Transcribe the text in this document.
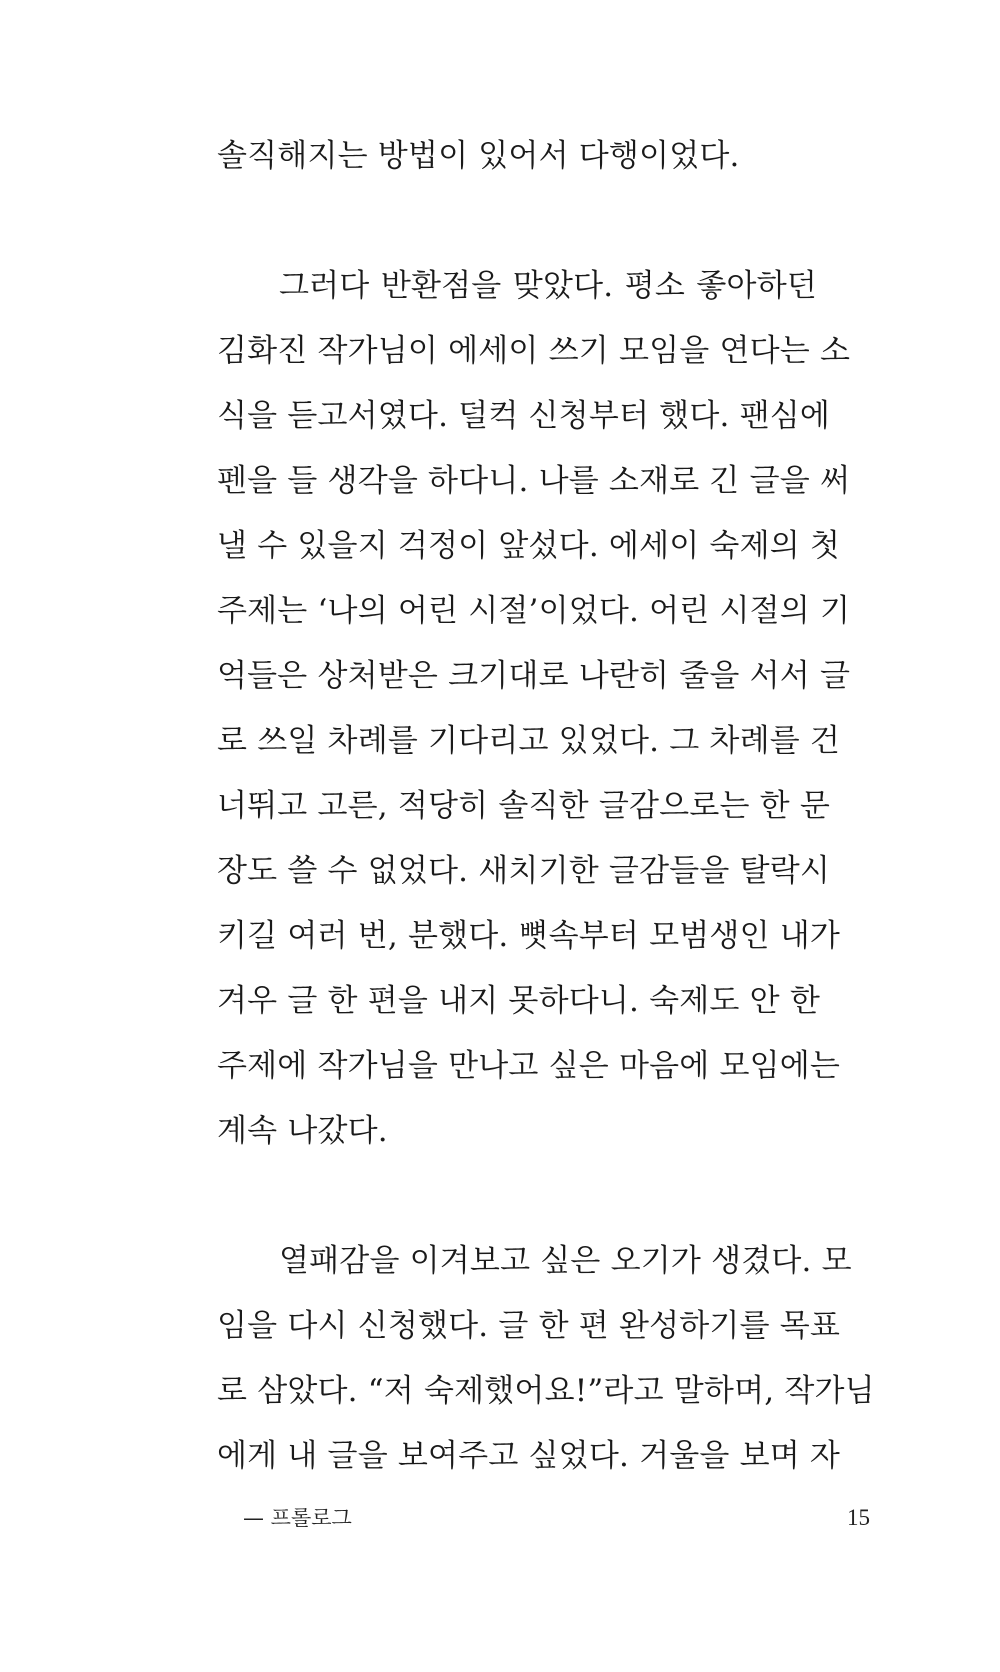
솔직해지는 방법이 있어서 다행이었다.
그러다 반환점을 맞았다. 평소 좋아하던
김화진 작가님이 에세이 쓰기 모임을 연다는 소
식을 듣고서였다. 덜컥 신청부터 했다. 팬심에
펜을 들 생각을 하다니. 나를 소재로 긴 글을 써
낼 수 있을지 걱정이 앞섰다. 에세이 숙제의 첫
주제는 ‘나의 어린 시절’이었다. 어린 시절의 기
억들은 상처받은 크기대로 나란히 줄을 서서 글
로 쓰일 차례를 기다리고 있었다. 그 차례를 건
너뛰고 고른, 적당히 솔직한 글감으로는 한 문
장도 쓸 수 없었다. 새치기한 글감들을 탈락시
키길 여러 번, 분했다. 뼛속부터 모범생인 내가
겨우 글 한 편을 내지 못하다니. 숙제도 안 한
주제에 작가님을 만나고 싶은 마음에 모임에는
계속 나갔다.
열패감을 이겨보고 싶은 오기가 생겼다. 모
임을 다시 신청했다. 글 한 편 완성하기를 목표
로 삼았다. “저 숙제했어요!”라고 말하며, 작가님
에게 내 글을 보여주고 싶었다. 거울을 보며 자
— 프롤로그	15
